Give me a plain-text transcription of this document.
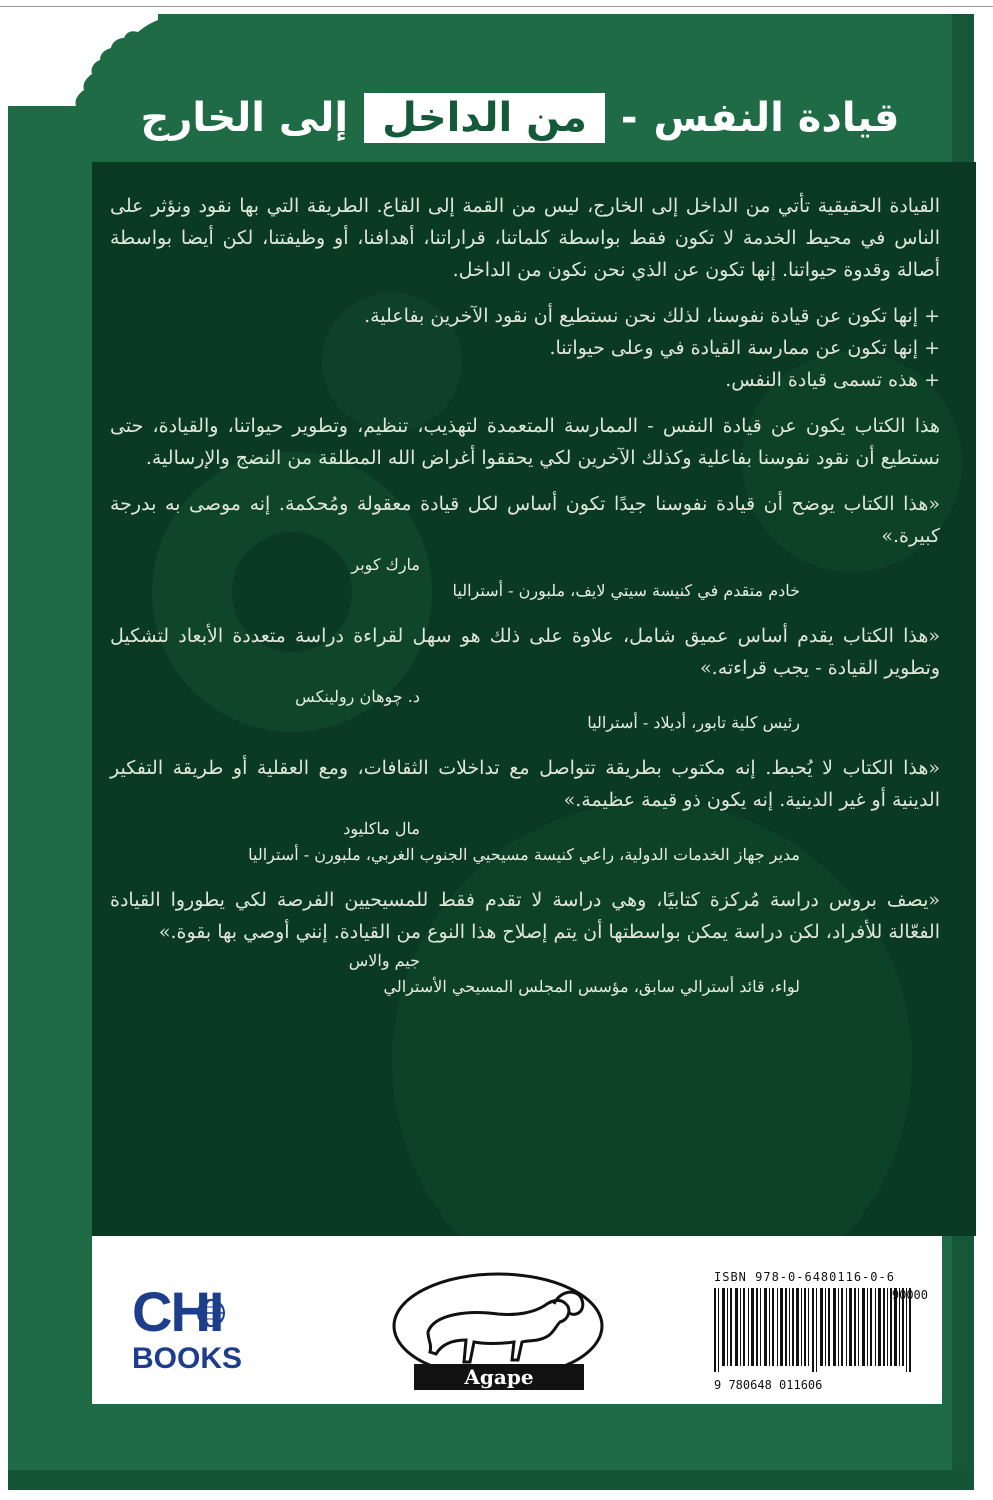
قيادة النفس
-
من الداخل
إلى الخارج

القيادة الحقيقية تأتي من الداخل إلى الخارج، ليس من القمة إلى القاع. الطريقة التي بها نقود ونؤثر على الناس في محيط الخدمة لا تكون فقط بواسطة كلماتنا، قراراتنا، أهدافنا، أو وظيفتنا، لكن أيضا بواسطة أصالة وقدوة حيواتنا. إنها تكون عن الذي نحن نكون من الداخل.

+ إنها تكون عن قيادة نفوسنا، لذلك نحن نستطيع أن نقود الآخرين بفاعلية.
+ إنها تكون عن ممارسة القيادة في وعلى حيواتنا.
+ هذه تسمى قيادة النفس.

هذا الكتاب يكون عن قيادة النفس - الممارسة المتعمدة لتهذيب، تنظيم، وتطوير حيواتنا، والقيادة، حتى نستطيع أن نقود نفوسنا بفاعلية وكذلك الآخرين لكي يحققوا أغراض الله المطلقة من النضج والإرسالية.

«هذا الكتاب يوضح أن قيادة نفوسنا جيدًا تكون أساس لكل قيادة معقولة ومُحكمة. إنه موصى به بدرجة كبيرة.»
مارك كوبر
خادم متقدم في كنيسة سيتي لايف، ملبورن - أستراليا
«هذا الكتاب يقدم أساس عميق شامل، علاوة على ذلك هو سهل لقراءة دراسة متعددة الأبعاد لتشكيل وتطوير القيادة - يجب قراءته.»
د. چوهان رولينكس
رئيس كلية تابور، أديلاد - أستراليا
«هذا الكتاب لا يُحبط. إنه مكتوب بطريقة تتواصل مع تداخلات الثقافات، ومع العقلية أو طريقة التفكير الدينية أو غير الدينية. إنه يكون ذو قيمة عظيمة.»
مال ماكليود
مدير جهاز الخدمات الدولية، راعي كنيسة مسيحيي الجنوب الغربي، ملبورن - أستراليا
«يصف بروس دراسة مُركزة كتابيًا، وهي دراسة لا تقدم فقط للمسيحيين الفرصة لكي يطوروا القيادة الفعّالة للأفراد، لكن دراسة يمكن بواسطتها أن يتم إصلاح هذا النوع من القيادة. إنني أوصي بها بقوة.»
جيم والاس
لواء، قائد أسترالي سابق، مؤسس المجلس المسيحي الأسترالي
CHI
BOOKS
Agape
ISBN 978-0-6480116-0-6
90000
9 780648 011606
